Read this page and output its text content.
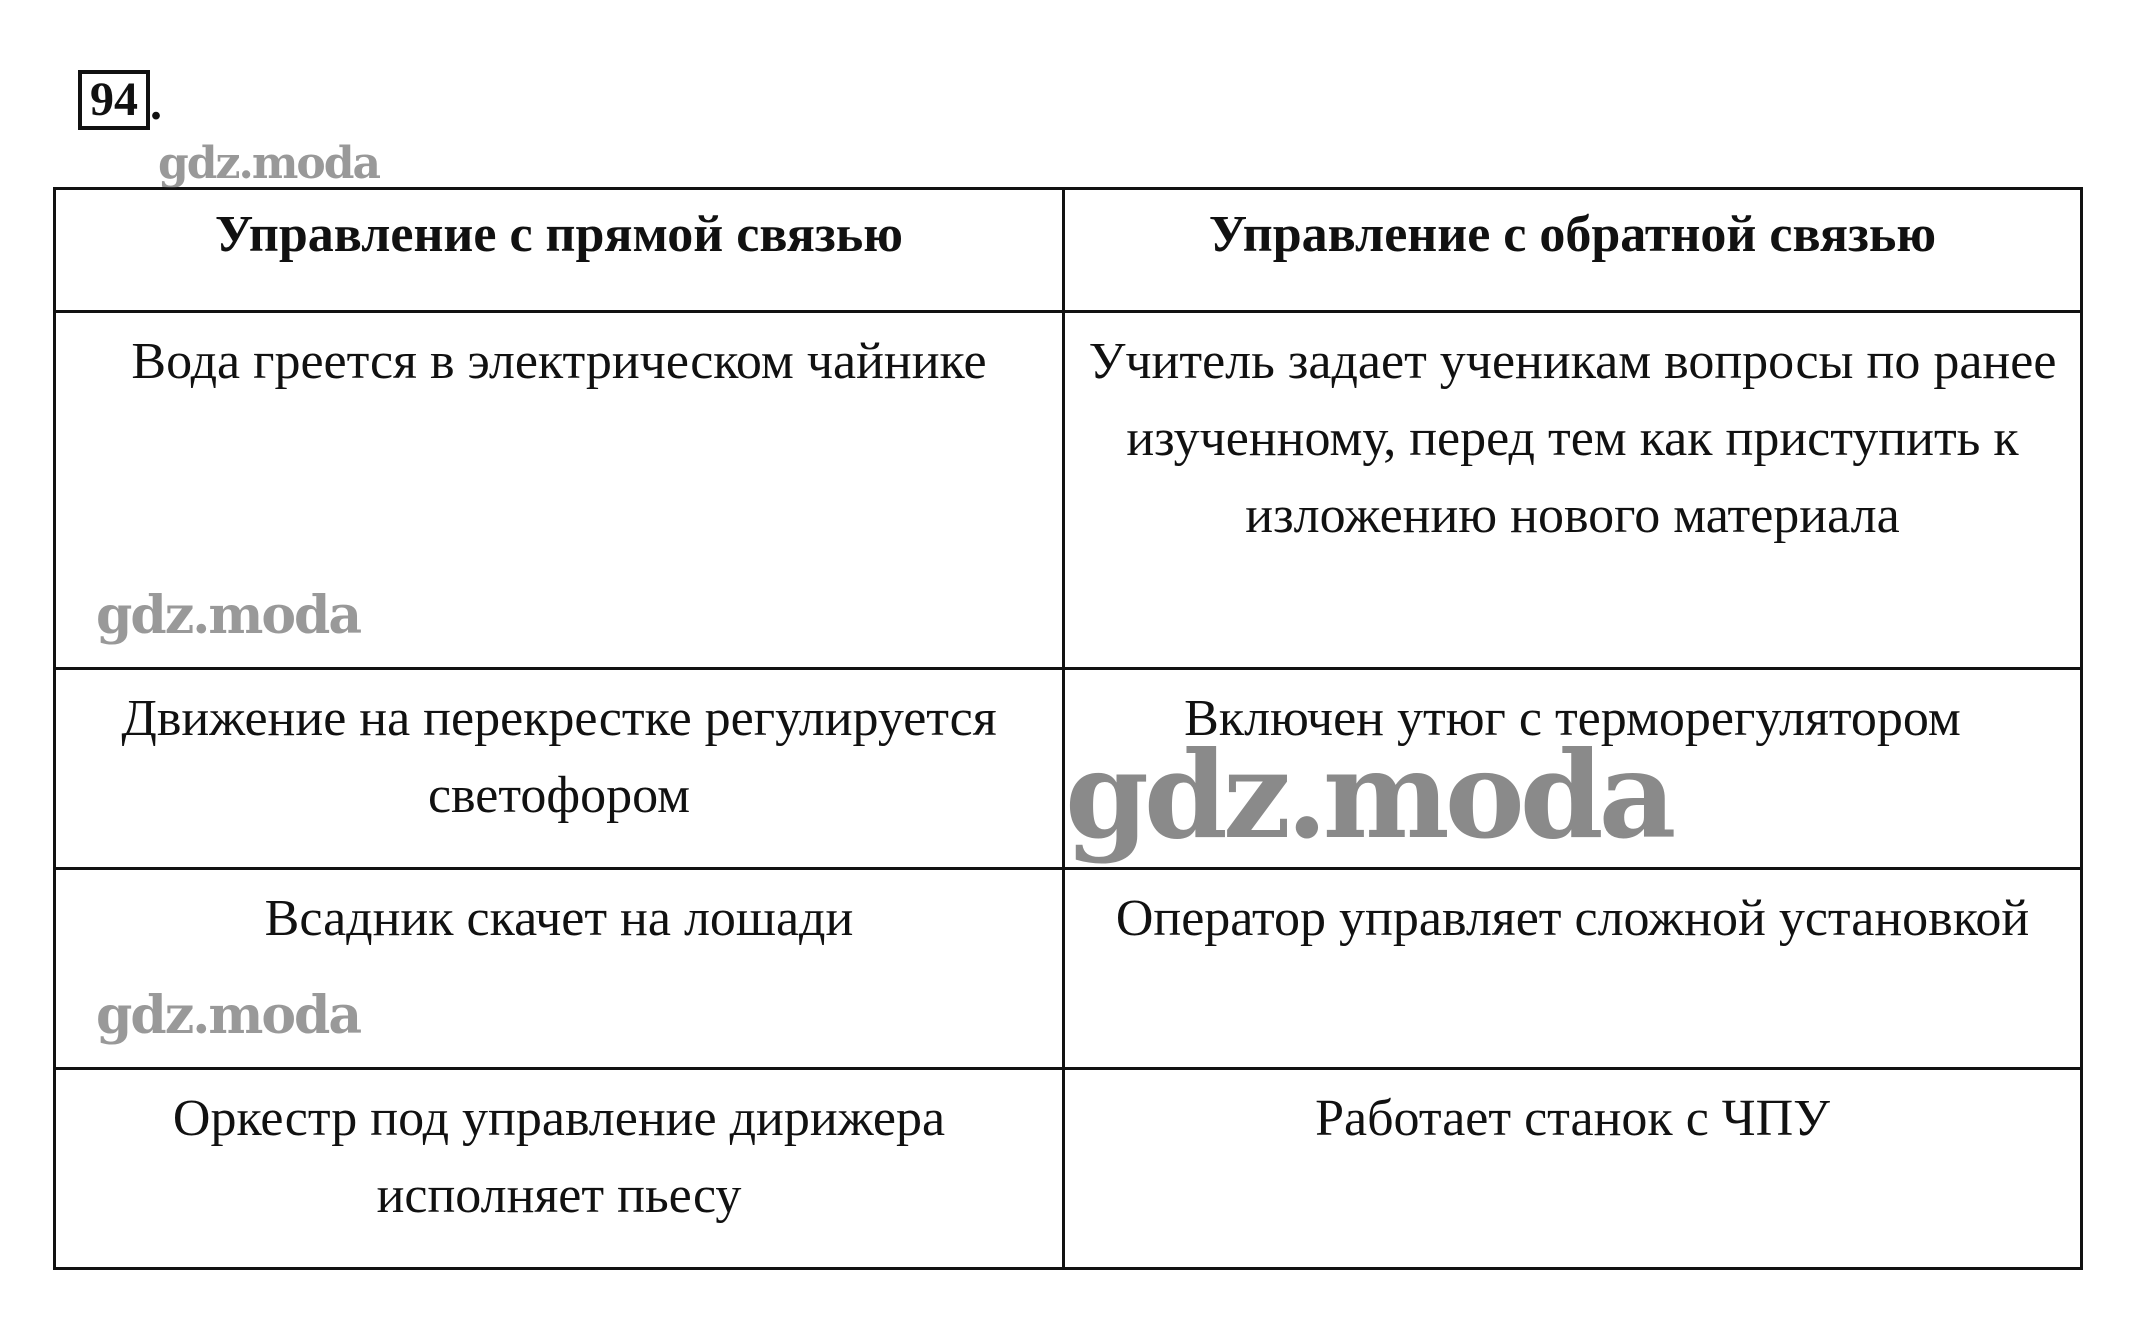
94 .
Управление с прямой связью	Управление с обратной связью
Вода греется в электрическом чайнике	Учитель задает ученикам вопросы по ранее изученному, перед тем как приступить к изложению нового материала
Движение на перекрестке регулируется светофором	Включен утюг с терморегулятором
Всадник скачет на лошади	Оператор управляет сложной установкой
Оркестр под управление дирижера исполняет пьесу	Работает станок с ЧПУ
gdz.moda
gdz.moda
gdz.moda
gdz.moda
